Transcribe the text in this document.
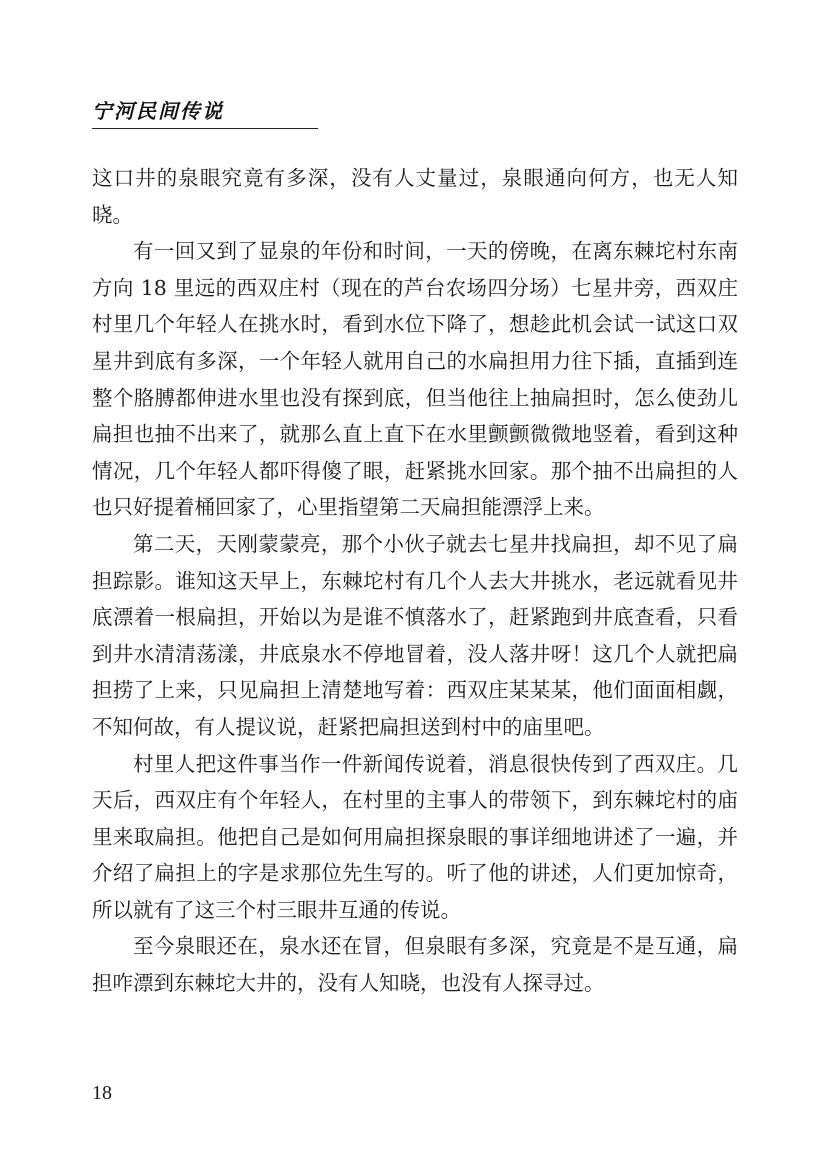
宁河民间传说

这口井的泉眼究竟有多深，没有人丈量过，泉眼通向何方，也无人知晓。

有一回又到了显泉的年份和时间，一天的傍晚，在离东棘坨村东南方向 18 里远的西双庄村（现在的芦台农场四分场）七星井旁，西双庄村里几个年轻人在挑水时，看到水位下降了，想趁此机会试一试这口双星井到底有多深，一个年轻人就用自己的水扁担用力往下插，直插到连整个胳膊都伸进水里也没有探到底，但当他往上抽扁担时，怎么使劲儿扁担也抽不出来了，就那么直上直下在水里颤颤微微地竖着，看到这种情况，几个年轻人都吓得傻了眼，赶紧挑水回家。那个抽不出扁担的人也只好提着桶回家了，心里指望第二天扁担能漂浮上来。

第二天，天刚蒙蒙亮，那个小伙子就去七星井找扁担，却不见了扁担踪影。谁知这天早上，东棘坨村有几个人去大井挑水，老远就看见井底漂着一根扁担，开始以为是谁不慎落水了，赶紧跑到井底查看，只看到井水清清荡漾，井底泉水不停地冒着，没人落井呀！这几个人就把扁担捞了上来，只见扁担上清楚地写着：西双庄某某某，他们面面相觑，不知何故，有人提议说，赶紧把扁担送到村中的庙里吧。

村里人把这件事当作一件新闻传说着，消息很快传到了西双庄。几天后，西双庄有个年轻人，在村里的主事人的带领下，到东棘坨村的庙里来取扁担。他把自己是如何用扁担探泉眼的事详细地讲述了一遍，并介绍了扁担上的字是求那位先生写的。听了他的讲述，人们更加惊奇，所以就有了这三个村三眼井互通的传说。

至今泉眼还在，泉水还在冒，但泉眼有多深，究竟是不是互通，扁担咋漂到东棘坨大井的，没有人知晓，也没有人探寻过。

18
